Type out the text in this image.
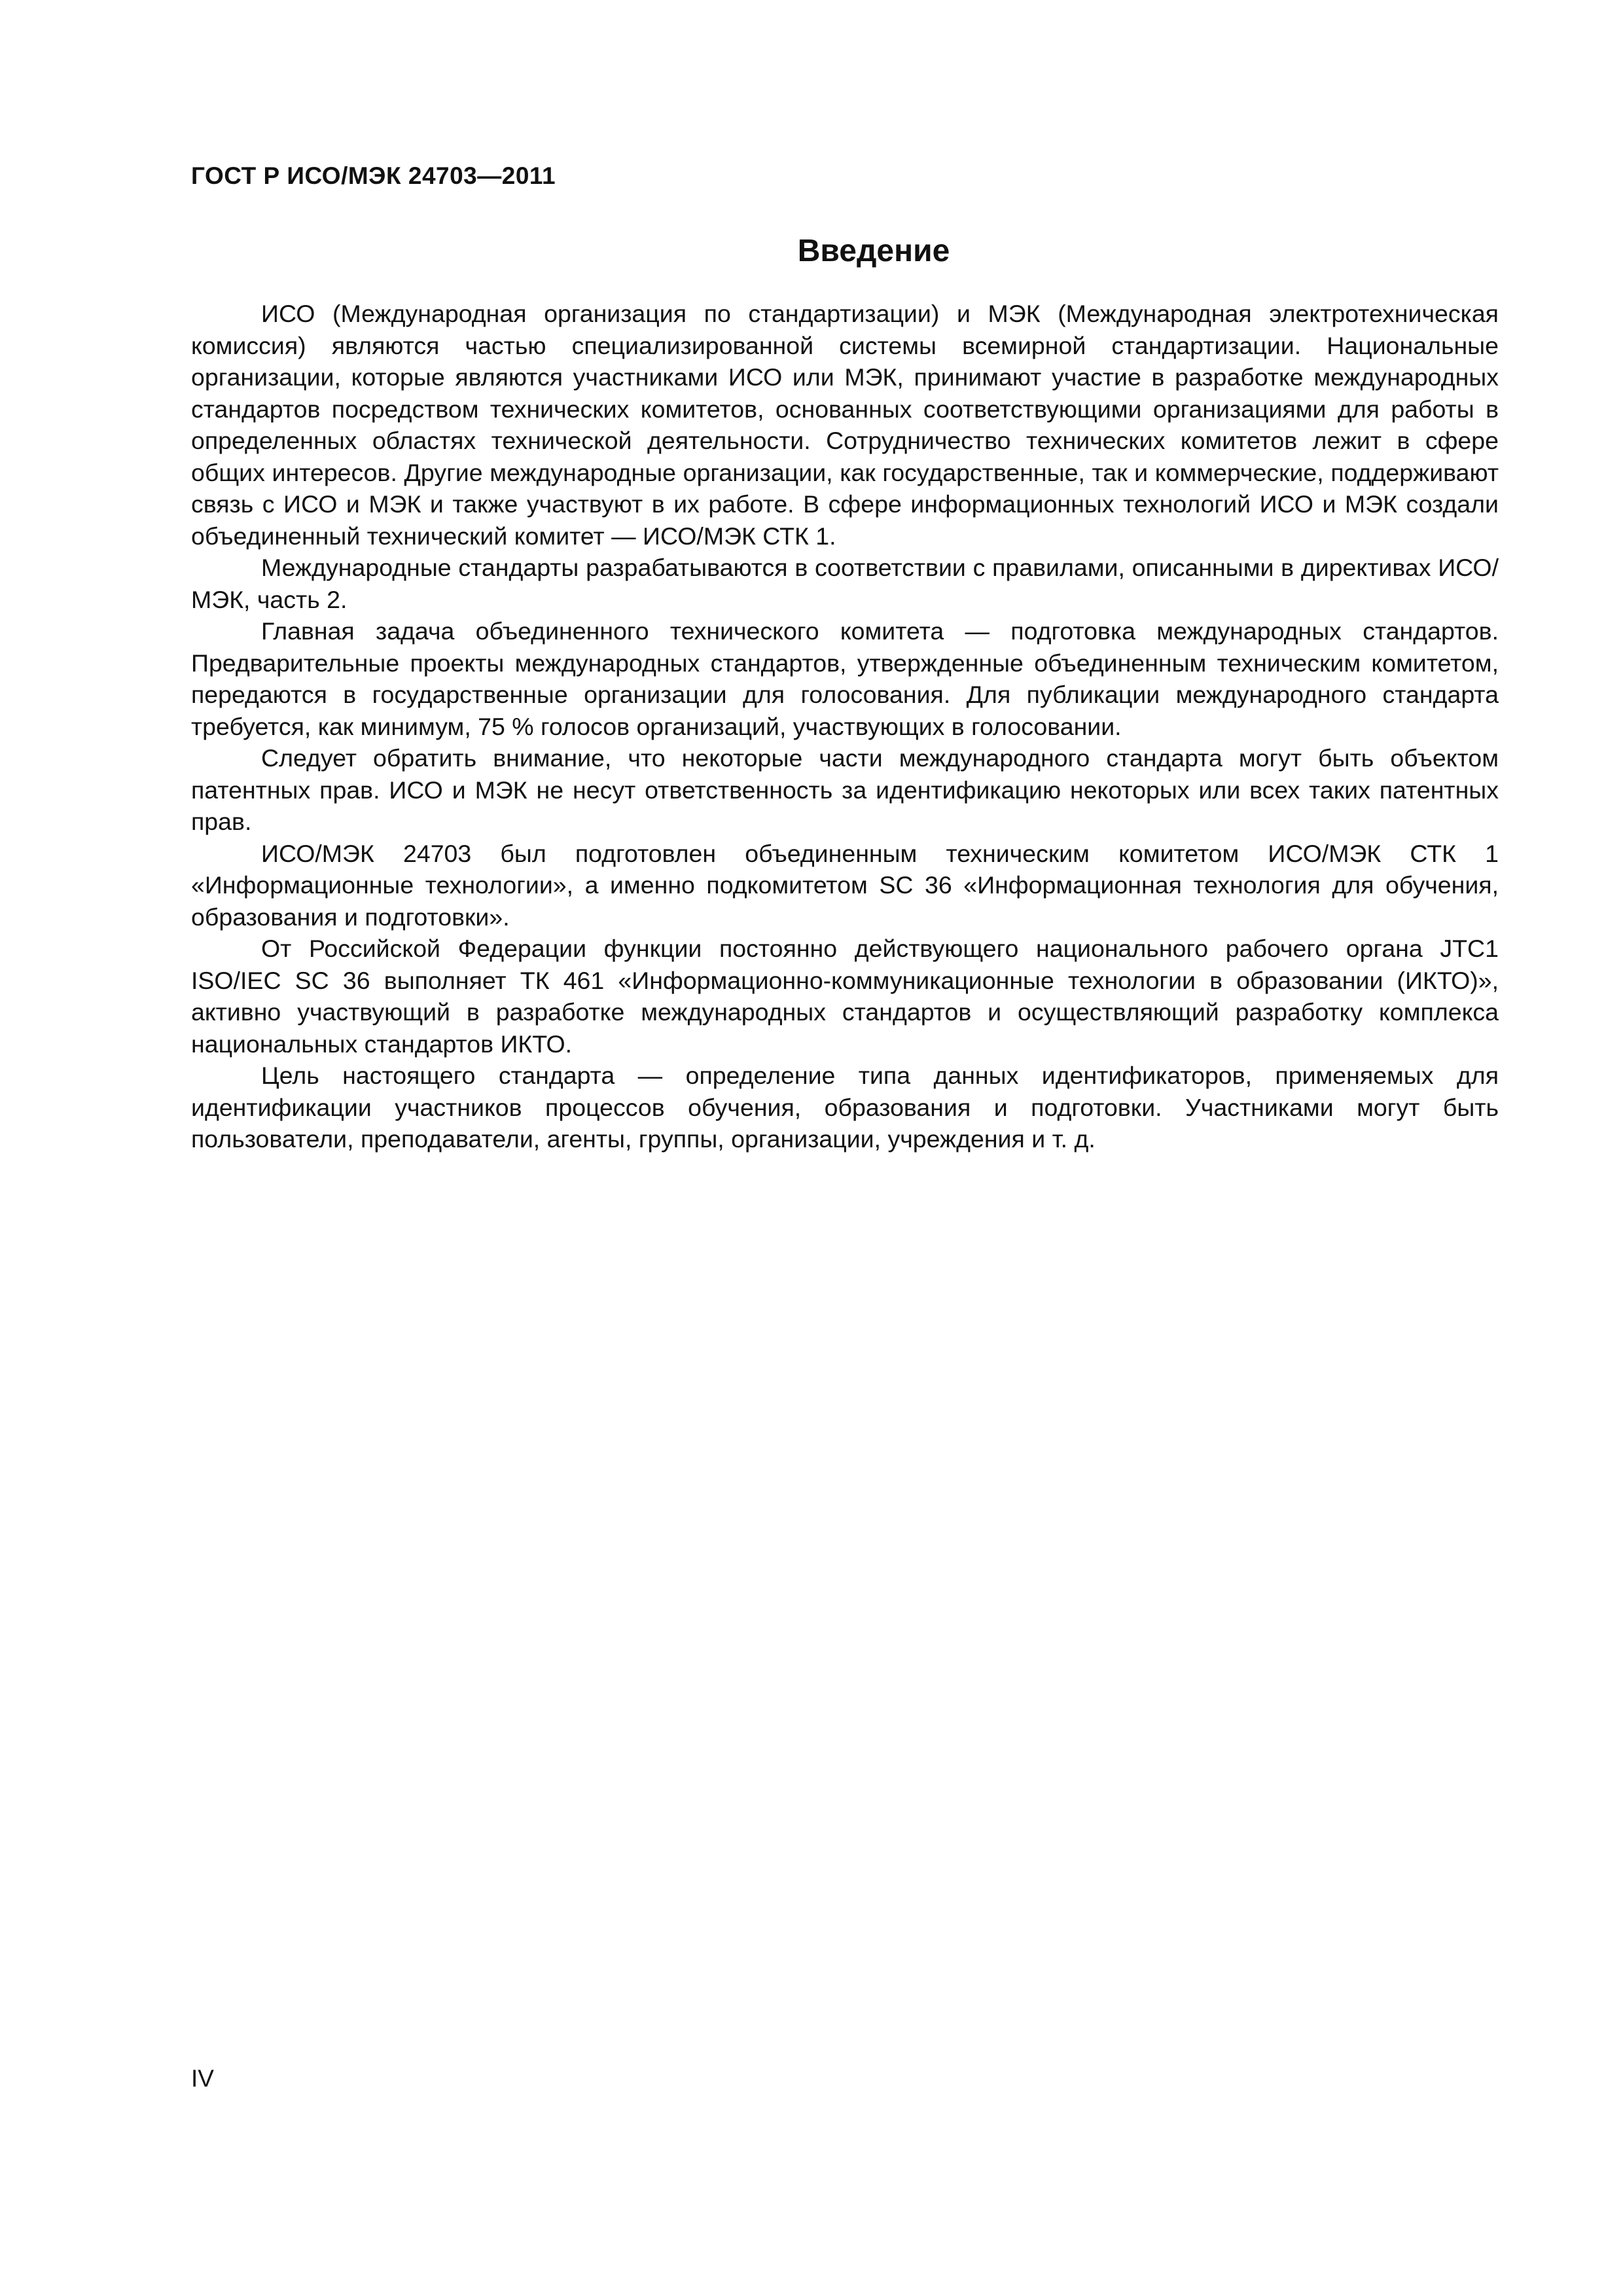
ГОСТ Р ИСО/МЭК 24703—2011
Введение

ИСО (Международная организация по стандартизации) и МЭК (Международная электротехническая комиссия) являются частью специализированной системы всемирной стандартизации. Национальные организации, которые являются участниками ИСО или МЭК, принимают участие в разработке международных стандартов посредством технических комитетов, основанных соответствующими организациями для работы в определенных областях технической деятельности. Сотрудничество технических комитетов лежит в сфере общих интересов. Другие международные организации, как государственные, так и коммерческие, поддерживают связь с ИСО и МЭК и также участвуют в их работе. В сфере информационных технологий ИСО и МЭК создали объединенный технический комитет — ИСО/МЭК СТК 1.

Международные стандарты разрабатываются в соответствии с правилами, описанными в директивах ИСО/МЭК, часть 2.

Главная задача объединенного технического комитета — подготовка международных стандартов. Предварительные проекты международных стандартов, утвержденные объединенным техническим комитетом, передаются в государственные организации для голосования. Для публикации международного стандарта требуется, как минимум, 75 % голосов организаций, участвующих в голосовании.

Следует обратить внимание, что некоторые части международного стандарта могут быть объектом патентных прав. ИСО и МЭК не несут ответственность за идентификацию некоторых или всех таких патентных прав.

ИСО/МЭК 24703 был подготовлен объединенным техническим комитетом ИСО/МЭК СТК 1 «Информационные технологии», а именно подкомитетом SC 36 «Информационная технология для обучения, образования и подготовки».

От Российской Федерации функции постоянно действующего национального рабочего органа JTC1 ISO/IEC SC 36 выполняет ТК 461 «Информационно-коммуникационные технологии в образовании (ИКТО)», активно участвующий в разработке международных стандартов и осуществляющий разработку комплекса национальных стандартов ИКТО.

Цель настоящего стандарта — определение типа данных идентификаторов, применяемых для идентификации участников процессов обучения, образования и подготовки. Участниками могут быть пользователи, преподаватели, агенты, группы, организации, учреждения и т. д.

IV
